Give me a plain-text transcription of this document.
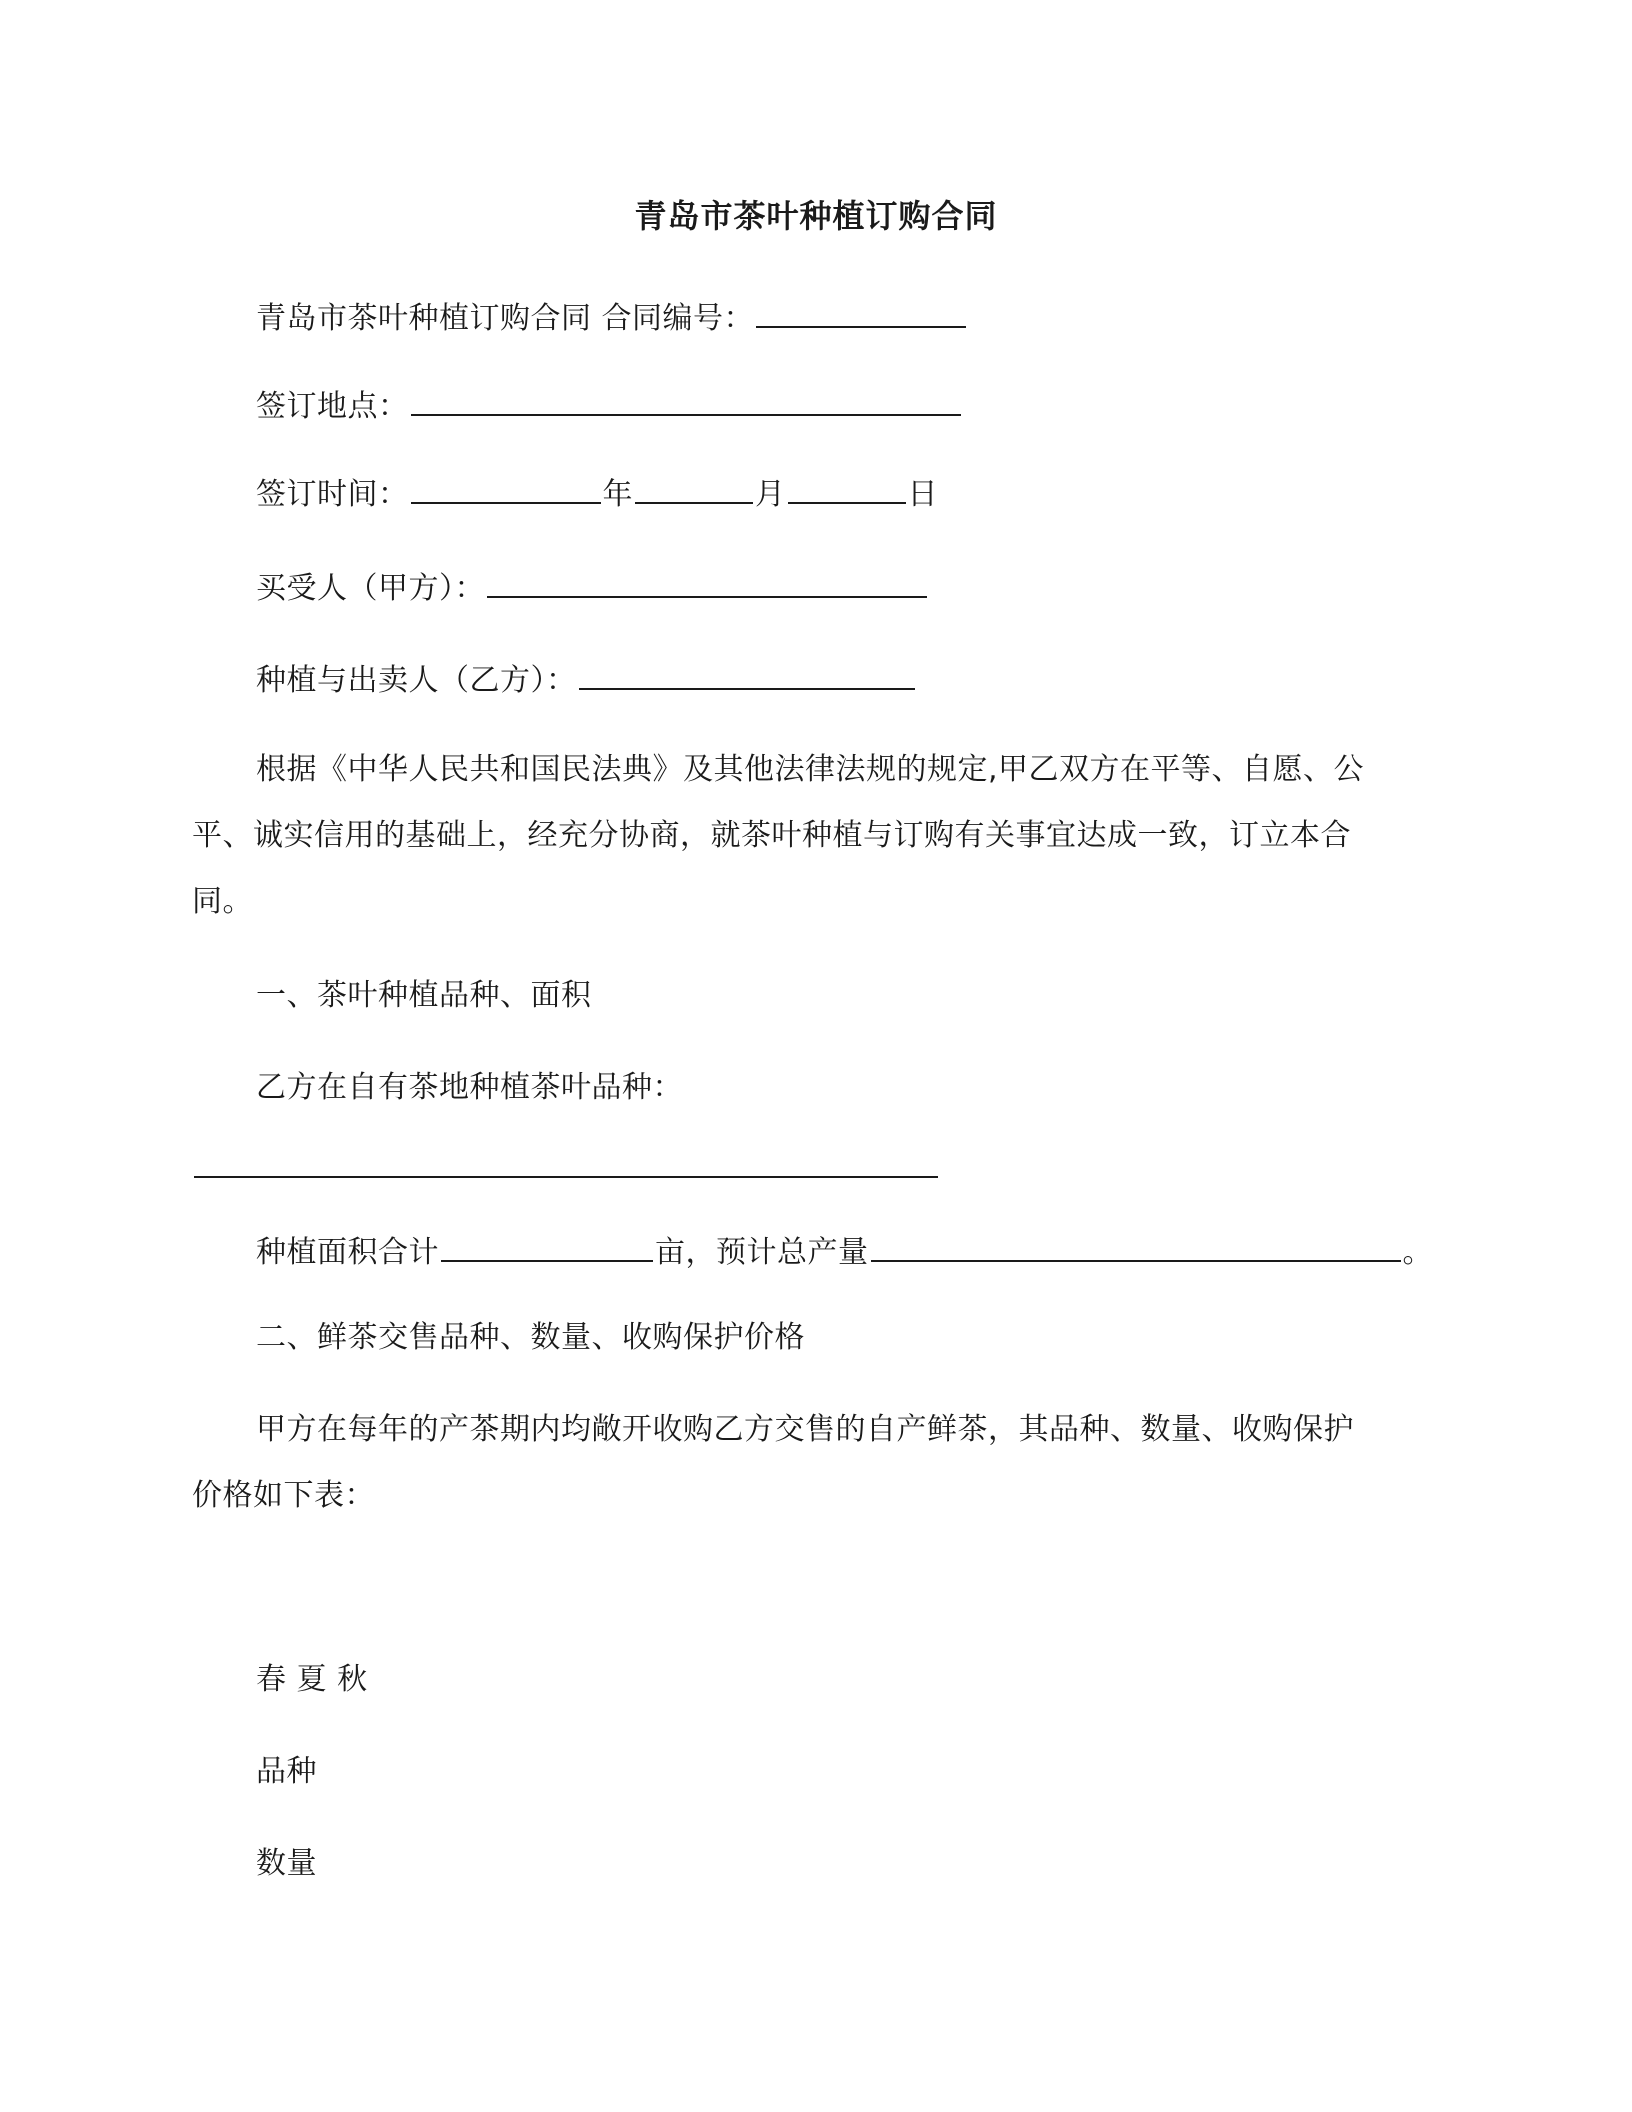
青岛市茶叶种植订购合同
青岛市茶叶种植订购合同 合同编号：
签订地点：
签订时间：	年	月	日
买受人（甲方）：
种植与出卖人（乙方）：
根据《中华人民共和国民法典》及其他法律法规的规定,甲乙双方在平等、自愿、公
平、诚实信用的基础上，经充分协商，就茶叶种植与订购有关事宜达成一致，订立本合
同。
一、茶叶种植品种、面积
乙方在自有茶地种植茶叶品种：
种植面积合计	亩，预计总产量	。
二、鲜茶交售品种、数量、收购保护价格
甲方在每年的产茶期内均敞开收购乙方交售的自产鲜茶，其品种、数量、收购保护
价格如下表：
春 夏 秋
品种
数量
